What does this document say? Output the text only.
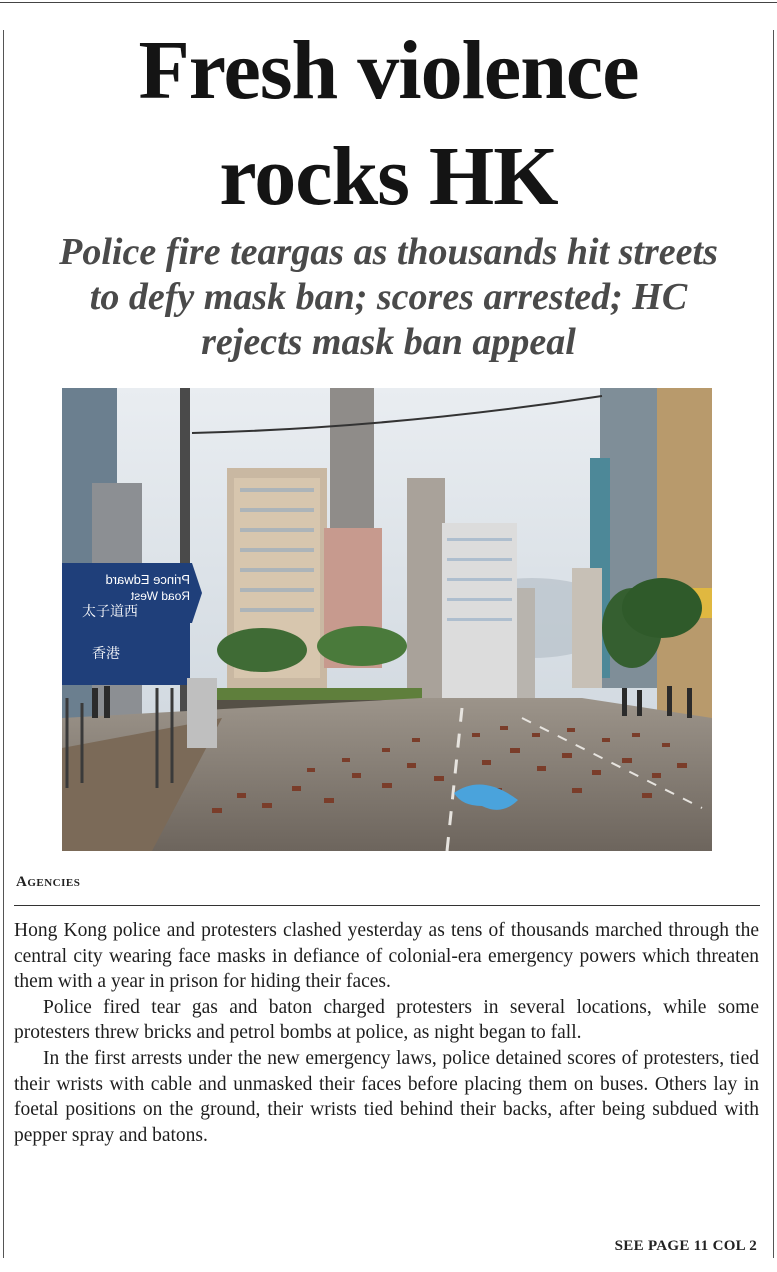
Fresh violence
rocks HK
Police fire teargas as thousands hit streets
to defy mask ban; scores arrested; HC
rejects mask ban appeal
Prince Edward
Road West
太子道西
香港
Agencies

Hong Kong police and protesters clashed yesterday as tens of thousands marched through the central city wearing face masks in defiance of colonial-era emergency powers which threaten them with a year in prison for hiding their faces.

Police fired tear gas and baton charged protesters in several locations, while some protesters threw bricks and petrol bombs at police, as night began to fall.

In the first arrests under the new emergency laws, police detained scores of protesters, tied their wrists with cable and unmasked their faces before placing them on buses. Others lay in foetal positions on the ground, their wrists tied behind their backs, after being subdued with pepper spray and batons.

SEE PAGE 11 COL 2
